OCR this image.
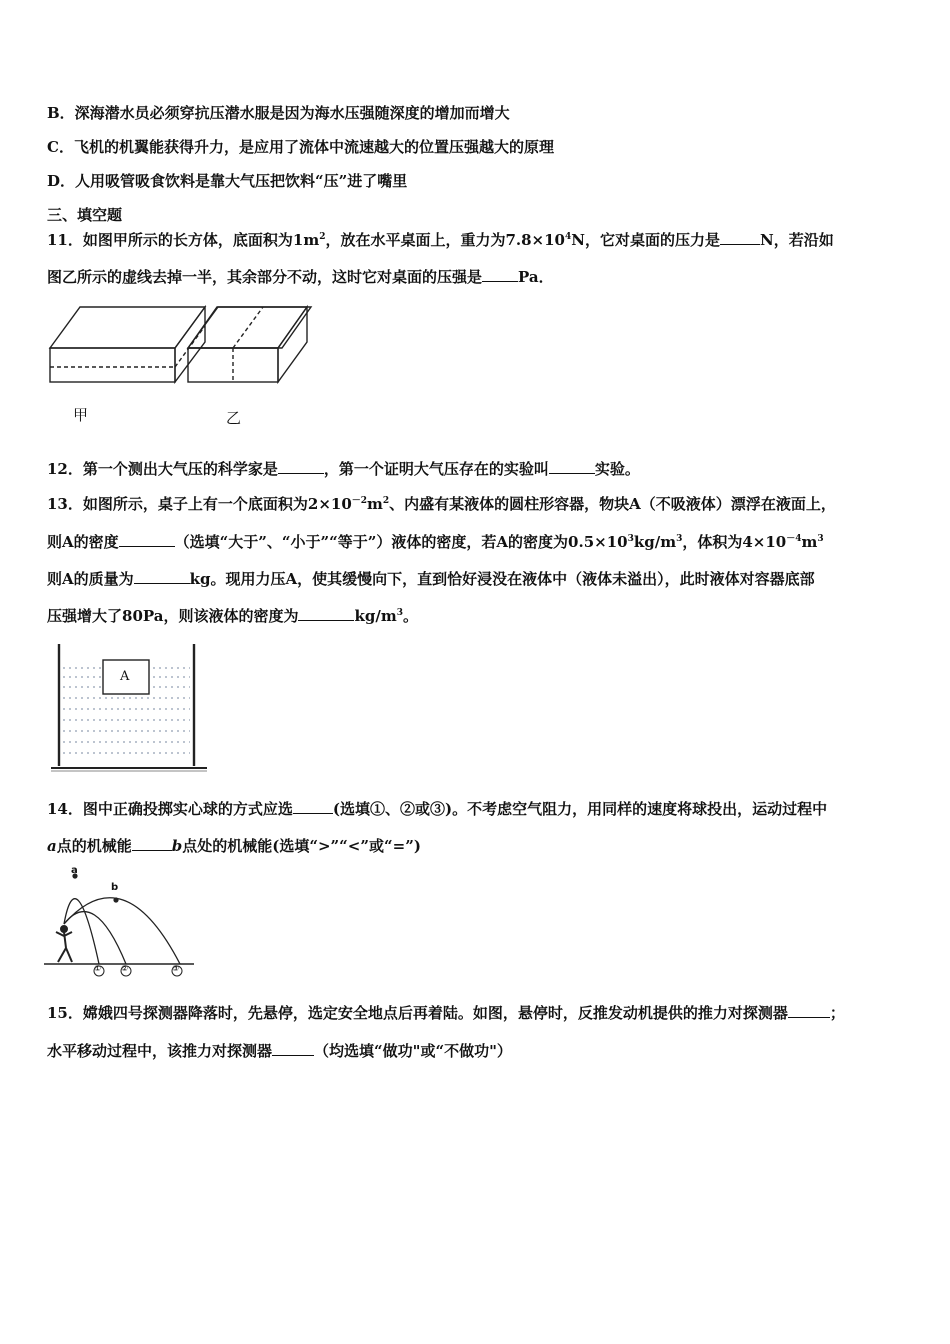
B．深海潜水员必须穿抗压潜水服是因为海水压强随深度的增加而增大
C．飞机的机翼能获得升力，是应用了流体中流速越大的位置压强越大的原理
D．人用吸管吸食饮料是靠大气压把饮料“压”进了嘴里
三、填空题
11．如图甲所示的长方体，底面积为$1m^2$，放在水平桌面上，重力为$7.8\times 10^4N$，它对桌面的压力是	N，若沿如
图乙所示的虚线去掉一半，其余部分不动，这时它对桌面的压强是 Pa．
甲	乙
12．第一个测出大气压的科学家是	，第一个证明大气压存在的实验叫	实验。
13．如图所示，桌子上有一个底面积为$2\times 10^{-2}m^2$、内盛有某液体的圆柱形容器，物块A（不吸液体）漂浮在液面上，
则A的密度	（选填“大于”、“小于”“等于”）液体的密度，若A的密度为$0.5\times 10^3kg/m^3$，体积为$4\times 10^{-4}m^3$
则A的质量为	kg。现用力压A，使其缓慢向下，直到恰好浸没在液体中（液体未溢出），此时液体对容器底部
压强增大了80Pa，则该液体的密度为	$kg/m^3$。
A
14．图中正确投掷实心球的方式应选	(选填①、②或③)。不考虑空气阻力，用同样的速度将球投出，运动过程中
a点的机械能	b点处的机械能(选填“>”“<”或“=”)
a
b
① ②	③
15．嫦娥四号探测器降落时，先悬停，选定安全地点后再着陆。如图，悬停时，反推发动机提供的推力对探测器	；
水平移动过程中，该推力对探测器	（均选填“做功"或“不做功"）
